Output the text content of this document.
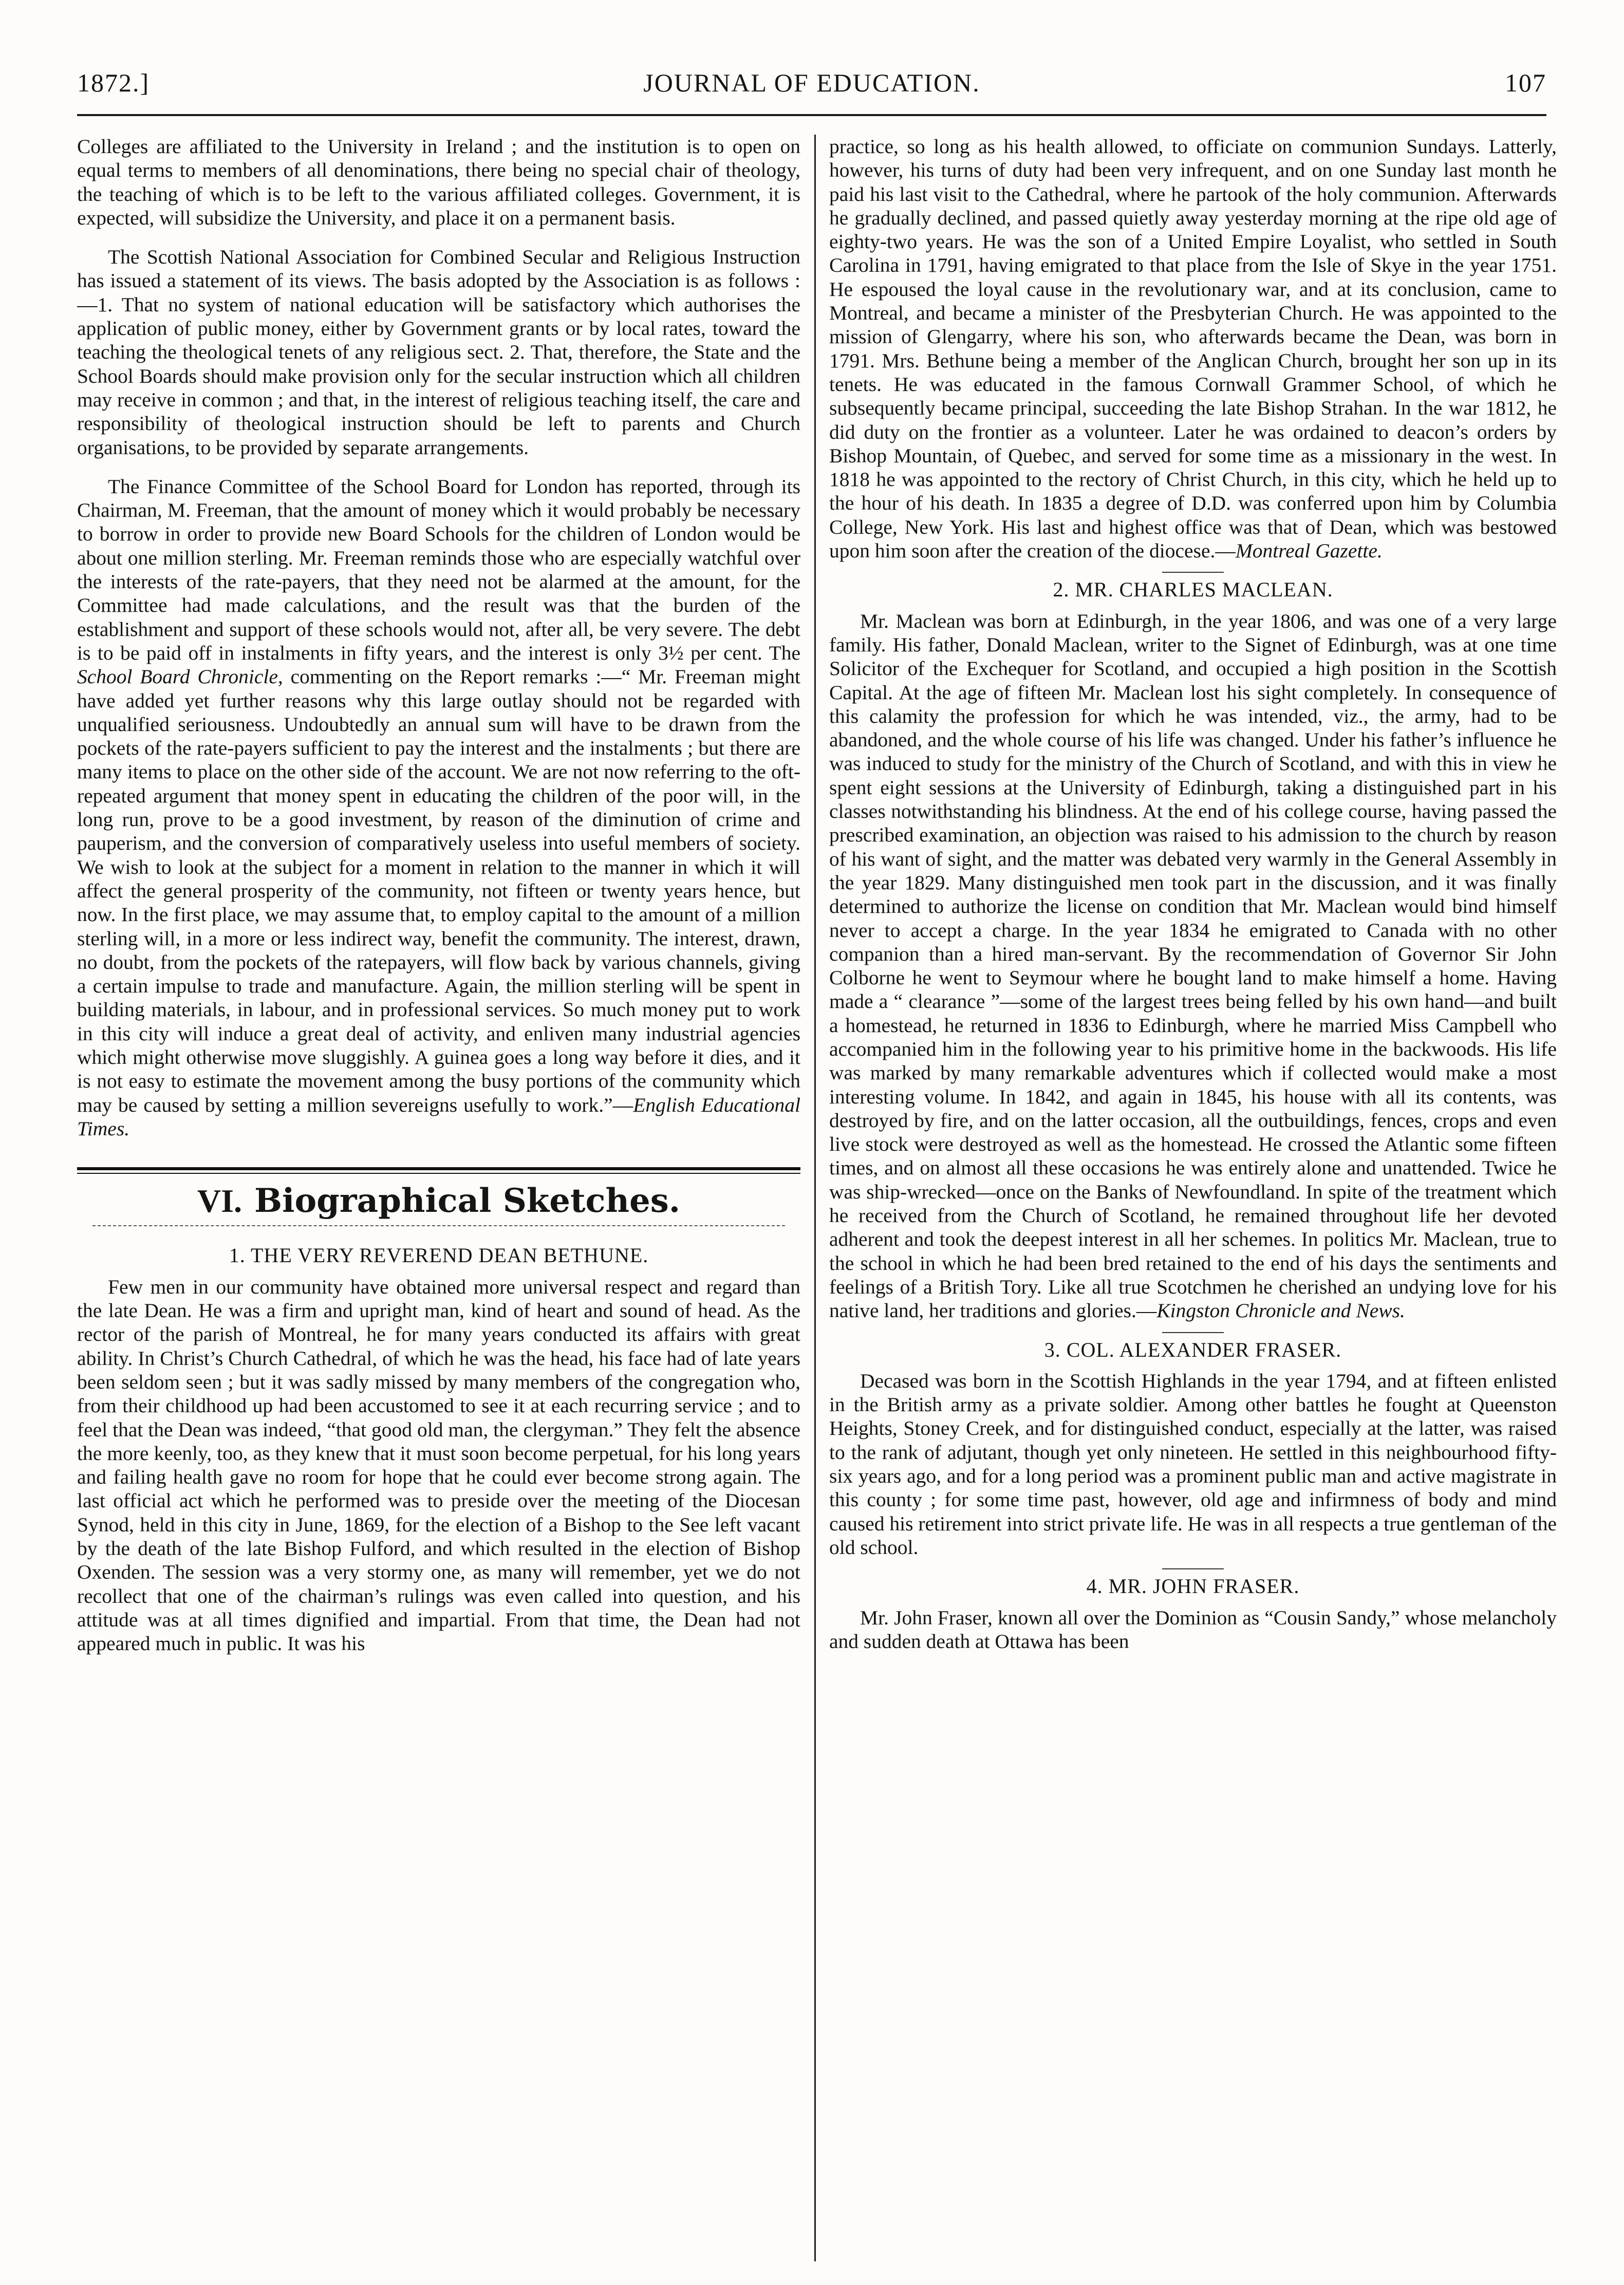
1872.]	JOURNAL OF EDUCATION.	107

Colleges are affiliated to the University in Ireland ; and the institution is to open on equal terms to members of all denominations, there being no special chair of theology, the teaching of which is to be left to the various affiliated colleges. Government, it is expected, will subsidize the University, and place it on a permanent basis.

The Scottish National Association for Combined Secular and Religious Instruction has issued a statement of its views. The basis adopted by the Association is as follows :—1. That no system of national education will be satisfactory which authorises the application of public money, either by Government grants or by local rates, toward the teaching the theological tenets of any religious sect. 2. That, therefore, the State and the School Boards should make provision only for the secular instruction which all children may receive in common ; and that, in the interest of religious teaching itself, the care and responsibility of theological instruction should be left to parents and Church organisations, to be provided by separate arrangements.

The Finance Committee of the School Board for London has reported, through its Chairman, M. Freeman, that the amount of money which it would probably be necessary to borrow in order to provide new Board Schools for the children of London would be about one million sterling. Mr. Freeman reminds those who are especially watchful over the interests of the rate-payers, that they need not be alarmed at the amount, for the Committee had made calculations, and the result was that the burden of the establishment and support of these schools would not, after all, be very severe. The debt is to be paid off in instalments in fifty years, and the interest is only 3½ per cent. The School Board Chronicle, commenting on the Report remarks :—“ Mr. Freeman might have added yet further reasons why this large outlay should not be regarded with unqualified seriousness. Undoubtedly an annual sum will have to be drawn from the pockets of the rate-payers sufficient to pay the interest and the instalments ; but there are many items to place on the other side of the account. We are not now referring to the oft-repeated argument that money spent in educating the children of the poor will, in the long run, prove to be a good investment, by reason of the diminution of crime and pauperism, and the conversion of comparatively useless into useful members of society. We wish to look at the subject for a moment in relation to the manner in which it will affect the general prosperity of the community, not fifteen or twenty years hence, but now. In the first place, we may assume that, to employ capital to the amount of a million sterling will, in a more or less indirect way, benefit the community. The interest, drawn, no doubt, from the pockets of the ratepayers, will flow back by various channels, giving a certain impulse to trade and manufacture. Again, the million sterling will be spent in building materials, in labour, and in professional services. So much money put to work in this city will induce a great deal of activity, and enliven many industrial agencies which might otherwise move sluggishly. A guinea goes a long way before it dies, and it is not easy to estimate the movement among the busy portions of the community which may be caused by setting a million severeigns usefully to work.”—English Educational Times.

VI. Biographical Sketches.
1. THE VERY REVEREND DEAN BETHUNE.

Few men in our community have obtained more universal respect and regard than the late Dean. He was a firm and upright man, kind of heart and sound of head. As the rector of the parish of Montreal, he for many years conducted its affairs with great ability. In Christ’s Church Cathedral, of which he was the head, his face had of late years been seldom seen ; but it was sadly missed by many members of the congregation who, from their childhood up had been accustomed to see it at each recurring service ; and to feel that the Dean was indeed, “that good old man, the clergyman.” They felt the absence the more keenly, too, as they knew that it must soon become perpetual, for his long years and failing health gave no room for hope that he could ever become strong again. The last official act which he performed was to preside over the meeting of the Diocesan Synod, held in this city in June, 1869, for the election of a Bishop to the See left vacant by the death of the late Bishop Fulford, and which resulted in the election of Bishop Oxenden. The session was a very stormy one, as many will remember, yet we do not recollect that one of the chairman’s rulings was even called into question, and his attitude was at all times dignified and impartial. From that time, the Dean had not appeared much in public. It was his

practice, so long as his health allowed, to officiate on communion Sundays. Latterly, however, his turns of duty had been very infrequent, and on one Sunday last month he paid his last visit to the Cathedral, where he partook of the holy communion. Afterwards he gradually declined, and passed quietly away yesterday morning at the ripe old age of eighty-two years. He was the son of a United Empire Loyalist, who settled in South Carolina in 1791, having emigrated to that place from the Isle of Skye in the year 1751. He espoused the loyal cause in the revolutionary war, and at its conclusion, came to Montreal, and became a minister of the Presbyterian Church. He was appointed to the mission of Glengarry, where his son, who afterwards became the Dean, was born in 1791. Mrs. Bethune being a member of the Anglican Church, brought her son up in its tenets. He was educated in the famous Cornwall Grammer School, of which he subsequently became principal, succeeding the late Bishop Strahan. In the war 1812, he did duty on the frontier as a volunteer. Later he was ordained to deacon’s orders by Bishop Mountain, of Quebec, and served for some time as a missionary in the west. In 1818 he was appointed to the rectory of Christ Church, in this city, which he held up to the hour of his death. In 1835 a degree of D.D. was conferred upon him by Columbia College, New York. His last and highest office was that of Dean, which was bestowed upon him soon after the creation of the diocese.—Montreal Gazette.

2. MR. CHARLES MACLEAN.

Mr. Maclean was born at Edinburgh, in the year 1806, and was one of a very large family. His father, Donald Maclean, writer to the Signet of Edinburgh, was at one time Solicitor of the Exchequer for Scotland, and occupied a high position in the Scottish Capital. At the age of fifteen Mr. Maclean lost his sight completely. In consequence of this calamity the profession for which he was intended, viz., the army, had to be abandoned, and the whole course of his life was changed. Under his father’s influence he was induced to study for the ministry of the Church of Scotland, and with this in view he spent eight sessions at the University of Edinburgh, taking a distinguished part in his classes notwithstanding his blindness. At the end of his college course, having passed the prescribed examination, an objection was raised to his admission to the church by reason of his want of sight, and the matter was debated very warmly in the General Assembly in the year 1829. Many distinguished men took part in the discussion, and it was finally determined to authorize the license on condition that Mr. Maclean would bind himself never to accept a charge. In the year 1834 he emigrated to Canada with no other companion than a hired man-servant. By the recommendation of Governor Sir John Colborne he went to Seymour where he bought land to make himself a home. Having made a “ clearance ”—some of the largest trees being felled by his own hand—and built a homestead, he returned in 1836 to Edinburgh, where he married Miss Campbell who accompanied him in the following year to his primitive home in the backwoods. His life was marked by many remarkable adventures which if collected would make a most interesting volume. In 1842, and again in 1845, his house with all its contents, was destroyed by fire, and on the latter occasion, all the outbuildings, fences, crops and even live stock were destroyed as well as the homestead. He crossed the Atlantic some fifteen times, and on almost all these occasions he was entirely alone and unattended. Twice he was ship-wrecked—once on the Banks of Newfoundland. In spite of the treatment which he received from the Church of Scotland, he remained throughout life her devoted adherent and took the deepest interest in all her schemes. In politics Mr. Maclean, true to the school in which he had been bred retained to the end of his days the sentiments and feelings of a British Tory. Like all true Scotchmen he cherished an undying love for his native land, her traditions and glories.—Kingston Chronicle and News.

3. COL. ALEXANDER FRASER.

Decased was born in the Scottish Highlands in the year 1794, and at fifteen enlisted in the British army as a private soldier. Among other battles he fought at Queenston Heights, Stoney Creek, and for distinguished conduct, especially at the latter, was raised to the rank of adjutant, though yet only nineteen. He settled in this neighbourhood fifty-six years ago, and for a long period was a prominent public man and active magistrate in this county ; for some time past, however, old age and infirmness of body and mind caused his retirement into strict private life. He was in all respects a true gentleman of the old school.

4. MR. JOHN FRASER.

Mr. John Fraser, known all over the Dominion as “Cousin Sandy,” whose melancholy and sudden death at Ottawa has been
